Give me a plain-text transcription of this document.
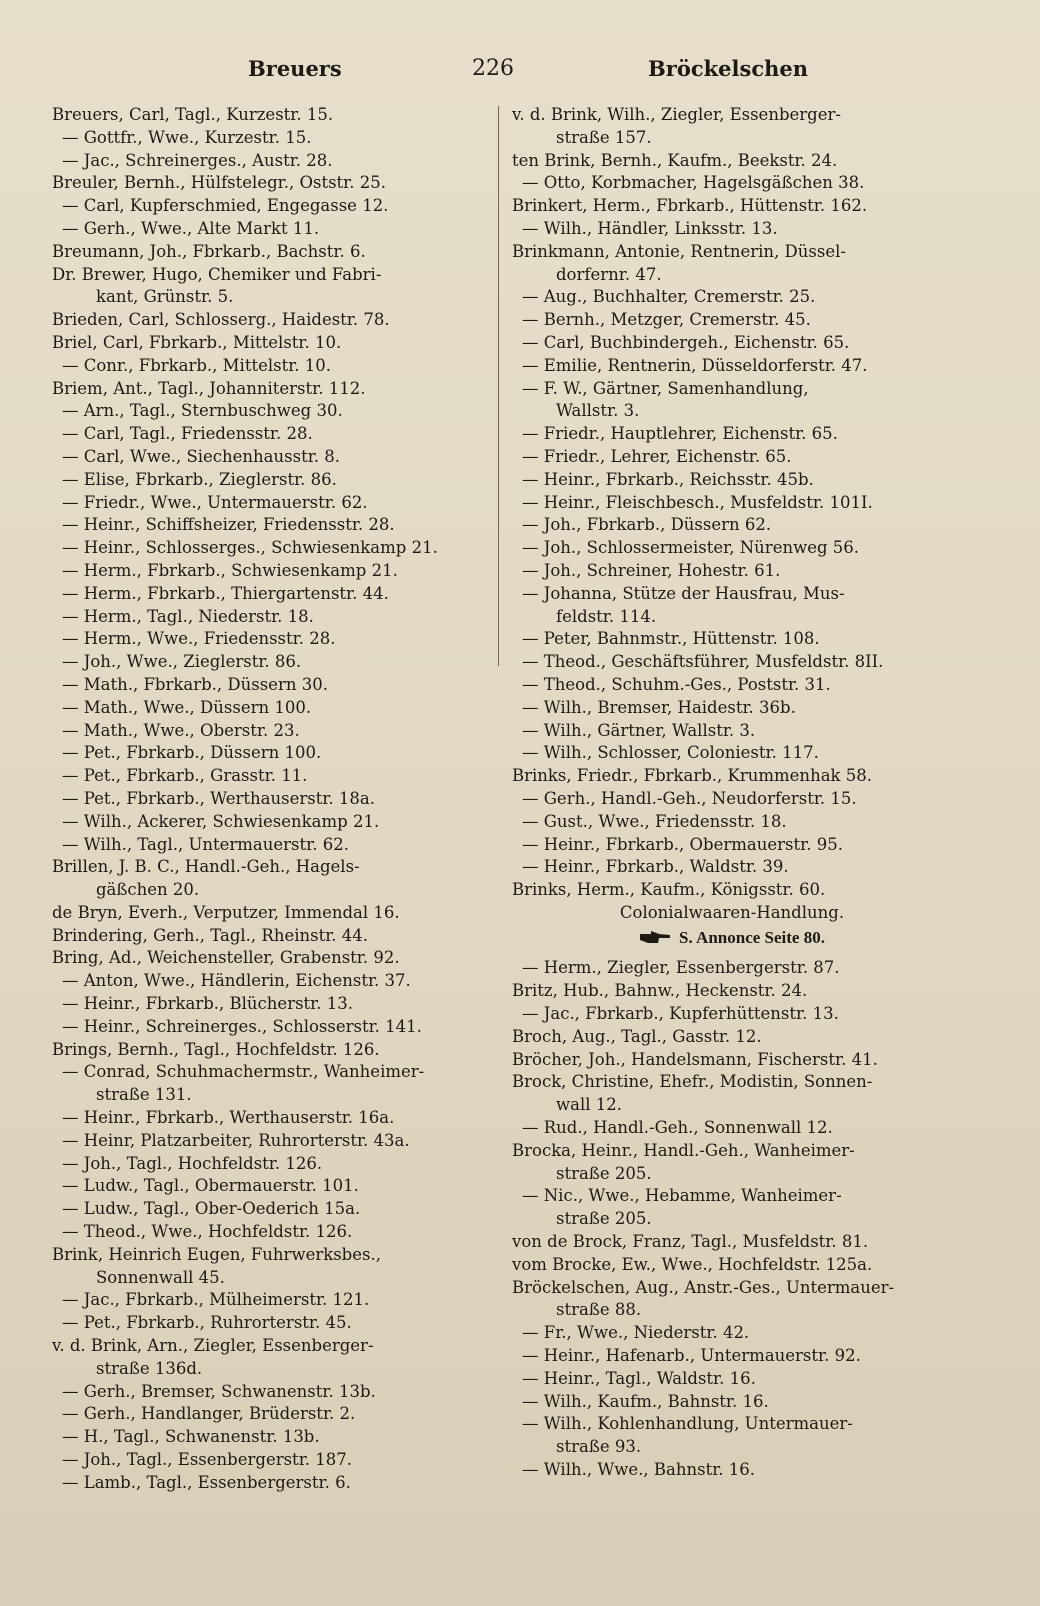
Breuers	226	Bröckelschen
Breuers, Carl, Tagl., Kurzestr. 15.
— Gottfr., Wwe., Kurzestr. 15.
— Jac., Schreinerges., Austr. 28.
Breuler, Bernh., Hülfstelegr., Oststr. 25.
— Carl, Kupferschmied, Engegasse 12.
— Gerh., Wwe., Alte Markt 11.
Breumann, Joh., Fbrkarb., Bachstr. 6.
Dr. Brewer, Hugo, Chemiker und Fabri-
kant, Grünstr. 5.
Brieden, Carl, Schlosserg., Haidestr. 78.
Briel, Carl, Fbrkarb., Mittelstr. 10.
— Conr., Fbrkarb., Mittelstr. 10.
Briem, Ant., Tagl., Johanniterstr. 112.
— Arn., Tagl., Sternbuschweg 30.
— Carl, Tagl., Friedensstr. 28.
— Carl, Wwe., Siechenhausstr. 8.
— Elise, Fbrkarb., Zieglerstr. 86.
— Friedr., Wwe., Untermauerstr. 62.
— Heinr., Schiffsheizer, Friedensstr. 28.
— Heinr., Schlosserges., Schwiesenkamp 21.
— Herm., Fbrkarb., Schwiesenkamp 21.
— Herm., Fbrkarb., Thiergartenstr. 44.
— Herm., Tagl., Niederstr. 18.
— Herm., Wwe., Friedensstr. 28.
— Joh., Wwe., Zieglerstr. 86.
— Math., Fbrkarb., Düssern 30.
— Math., Wwe., Düssern 100.
— Math., Wwe., Oberstr. 23.
— Pet., Fbrkarb., Düssern 100.
— Pet., Fbrkarb., Grasstr. 11.
— Pet., Fbrkarb., Werthauserstr. 18a.
— Wilh., Ackerer, Schwiesenkamp 21.
— Wilh., Tagl., Untermauerstr. 62.
Brillen, J. B. C., Handl.-Geh., Hagels-
gäßchen 20.
de Bryn, Everh., Verputzer, Immendal 16.
Brindering, Gerh., Tagl., Rheinstr. 44.
Bring, Ad., Weichensteller, Grabenstr. 92.
— Anton, Wwe., Händlerin, Eichenstr. 37.
— Heinr., Fbrkarb., Blücherstr. 13.
— Heinr., Schreinerges., Schlosserstr. 141.
Brings, Bernh., Tagl., Hochfeldstr. 126.
— Conrad, Schuhmachermstr., Wanheimer-
straße 131.
— Heinr., Fbrkarb., Werthauserstr. 16a.
— Heinr, Platzarbeiter, Ruhrorterstr. 43a.
— Joh., Tagl., Hochfeldstr. 126.
— Ludw., Tagl., Obermauerstr. 101.
— Ludw., Tagl., Ober-Oederich 15a.
— Theod., Wwe., Hochfeldstr. 126.
Brink, Heinrich Eugen, Fuhrwerksbes.,
Sonnenwall 45.
— Jac., Fbrkarb., Mülheimerstr. 121.
— Pet., Fbrkarb., Ruhrorterstr. 45.
v. d. Brink, Arn., Ziegler, Essenberger-
straße 136d.
— Gerh., Bremser, Schwanenstr. 13b.
— Gerh., Handlanger, Brüderstr. 2.
— H., Tagl., Schwanenstr. 13b.
— Joh., Tagl., Essenbergerstr. 187.
— Lamb., Tagl., Essenbergerstr. 6.
v. d. Brink, Wilh., Ziegler, Essenberger-
straße 157.
ten Brink, Bernh., Kaufm., Beekstr. 24.
— Otto, Korbmacher, Hagelsgäßchen 38.
Brinkert, Herm., Fbrkarb., Hüttenstr. 162.
— Wilh., Händler, Linksstr. 13.
Brinkmann, Antonie, Rentnerin, Düssel-
dorfernr. 47.
— Aug., Buchhalter, Cremerstr. 25.
— Bernh., Metzger, Cremerstr. 45.
— Carl, Buchbindergeh., Eichenstr. 65.
— Emilie, Rentnerin, Düsseldorferstr. 47.
— F. W., Gärtner, Samenhandlung,
Wallstr. 3.
— Friedr., Hauptlehrer, Eichenstr. 65.
— Friedr., Lehrer, Eichenstr. 65.
— Heinr., Fbrkarb., Reichsstr. 45b.
— Heinr., Fleischbesch., Musfeldstr. 101I.
— Joh., Fbrkarb., Düssern 62.
— Joh., Schlossermeister, Nürenweg 56.
— Joh., Schreiner, Hohestr. 61.
— Johanna, Stütze der Hausfrau, Mus-
feldstr. 114.
— Peter, Bahnmstr., Hüttenstr. 108.
— Theod., Geschäftsführer, Musfeldstr. 8II.
— Theod., Schuhm.-Ges., Poststr. 31.
— Wilh., Bremser, Haidestr. 36b.
— Wilh., Gärtner, Wallstr. 3.
— Wilh., Schlosser, Coloniestr. 117.
Brinks, Friedr., Fbrkarb., Krummenhak 58.
— Gerh., Handl.-Geh., Neudorferstr. 15.
— Gust., Wwe., Friedensstr. 18.
— Heinr., Fbrkarb., Obermauerstr. 95.
— Heinr., Fbrkarb., Waldstr. 39.
Brinks, Herm., Kaufm., Königsstr. 60.
Colonialwaaren-Handlung.
S. Annonce Seite 80.
— Herm., Ziegler, Essenbergerstr. 87.
Britz, Hub., Bahnw., Heckenstr. 24.
— Jac., Fbrkarb., Kupferhüttenstr. 13.
Broch, Aug., Tagl., Gasstr. 12.
Bröcher, Joh., Handelsmann, Fischerstr. 41.
Brock, Christine, Ehefr., Modistin, Sonnen-
wall 12.
— Rud., Handl.-Geh., Sonnenwall 12.
Brocka, Heinr., Handl.-Geh., Wanheimer-
straße 205.
— Nic., Wwe., Hebamme, Wanheimer-
straße 205.
von de Brock, Franz, Tagl., Musfeldstr. 81.
vom Brocke, Ew., Wwe., Hochfeldstr. 125a.
Bröckelschen, Aug., Anstr.-Ges., Untermauer-
straße 88.
— Fr., Wwe., Niederstr. 42.
— Heinr., Hafenarb., Untermauerstr. 92.
— Heinr., Tagl., Waldstr. 16.
— Wilh., Kaufm., Bahnstr. 16.
— Wilh., Kohlenhandlung, Untermauer-
straße 93.
— Wilh., Wwe., Bahnstr. 16.
